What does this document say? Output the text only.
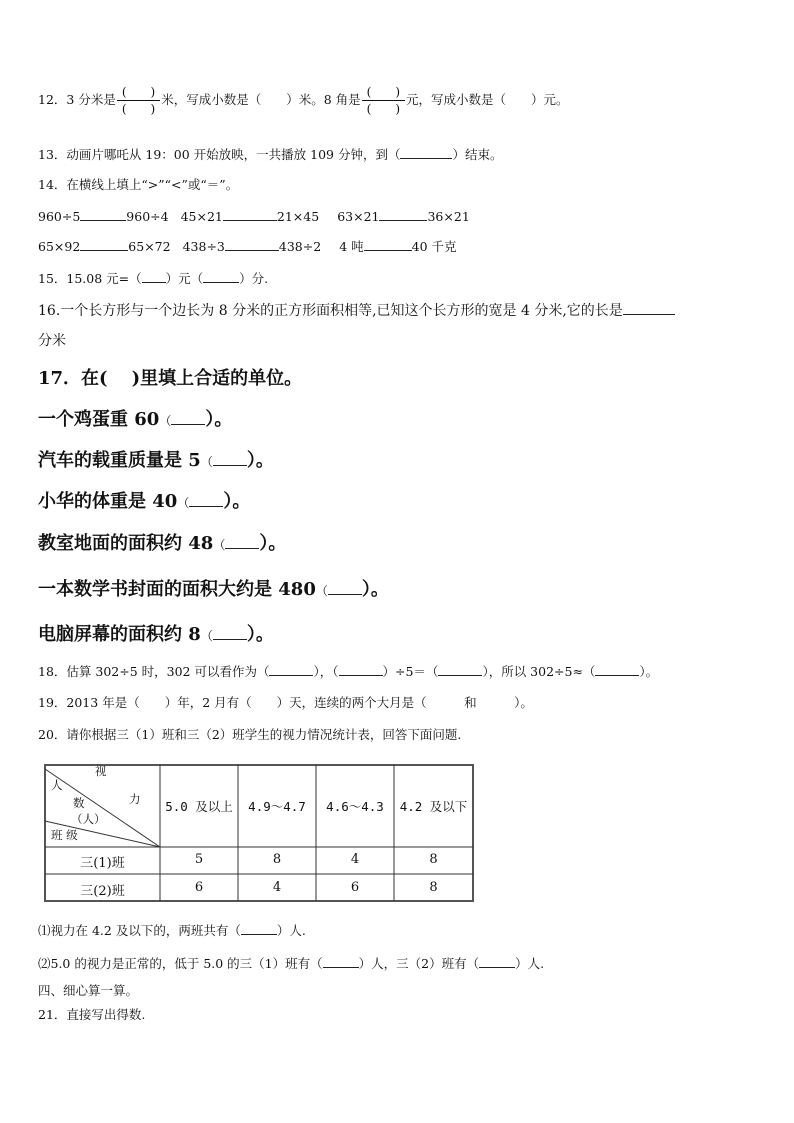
12．3 分米是 $\frac{( )}{( )}$ 米，写成小数是（　　）米。8 角是 $\frac{( )}{( )}$ 元，写成小数是（　　）元。
13．动画片哪吒从 19：00 开始放映，一共播放 109 分钟，到（	）结束。
14．在横线上填上“>”“<”或“＝”。
960÷5	960÷4 45×21	21×45 63×21	36×21
65×92	65×72 438÷3	438÷2 4 吨	40 千克
15．15.08 元=（ ）元（	）分.
16.一个长方形与一个边长为 8 分米的正方形面积相等,已知这个长方形的宽是 4 分米,它的长是
分米
17．在( )里填上合适的单位。
一个鸡蛋重 60（ ）。
汽车的载重质量是 5（ ）。
小华的体重是 40（ ）。
教室地面的面积约 48（ ）。
一本数学书封面的面积大约是 480（ ）。
电脑屏幕的面积约 8（ ）。
18．估算 302÷5 时，302 可以看作为（	），（	）÷5＝（	），所以 302÷5≈（	）。
19．2013 年是（　　）年，2 月有（　　）天，连续的两个大月是（　　　和　　　）。
20．请你根据三（1）班和三（2）班学生的视力情况统计表，回答下面问题.
视
人
力
数
（人）
班 级
5.0 及以上	4.9～4.7	4.6～4.3	4.2 及以下
三(1)班	5	8	4	8
三(2)班	6	4	6	8
⑴视力在 4.2 及以下的，两班共有（	）人.
⑵5.0 的视力是正常的，低于 5.0 的三（1）班有（	）人，三（2）班有（	）人.
四、细心算一算。
21．直接写出得数.
